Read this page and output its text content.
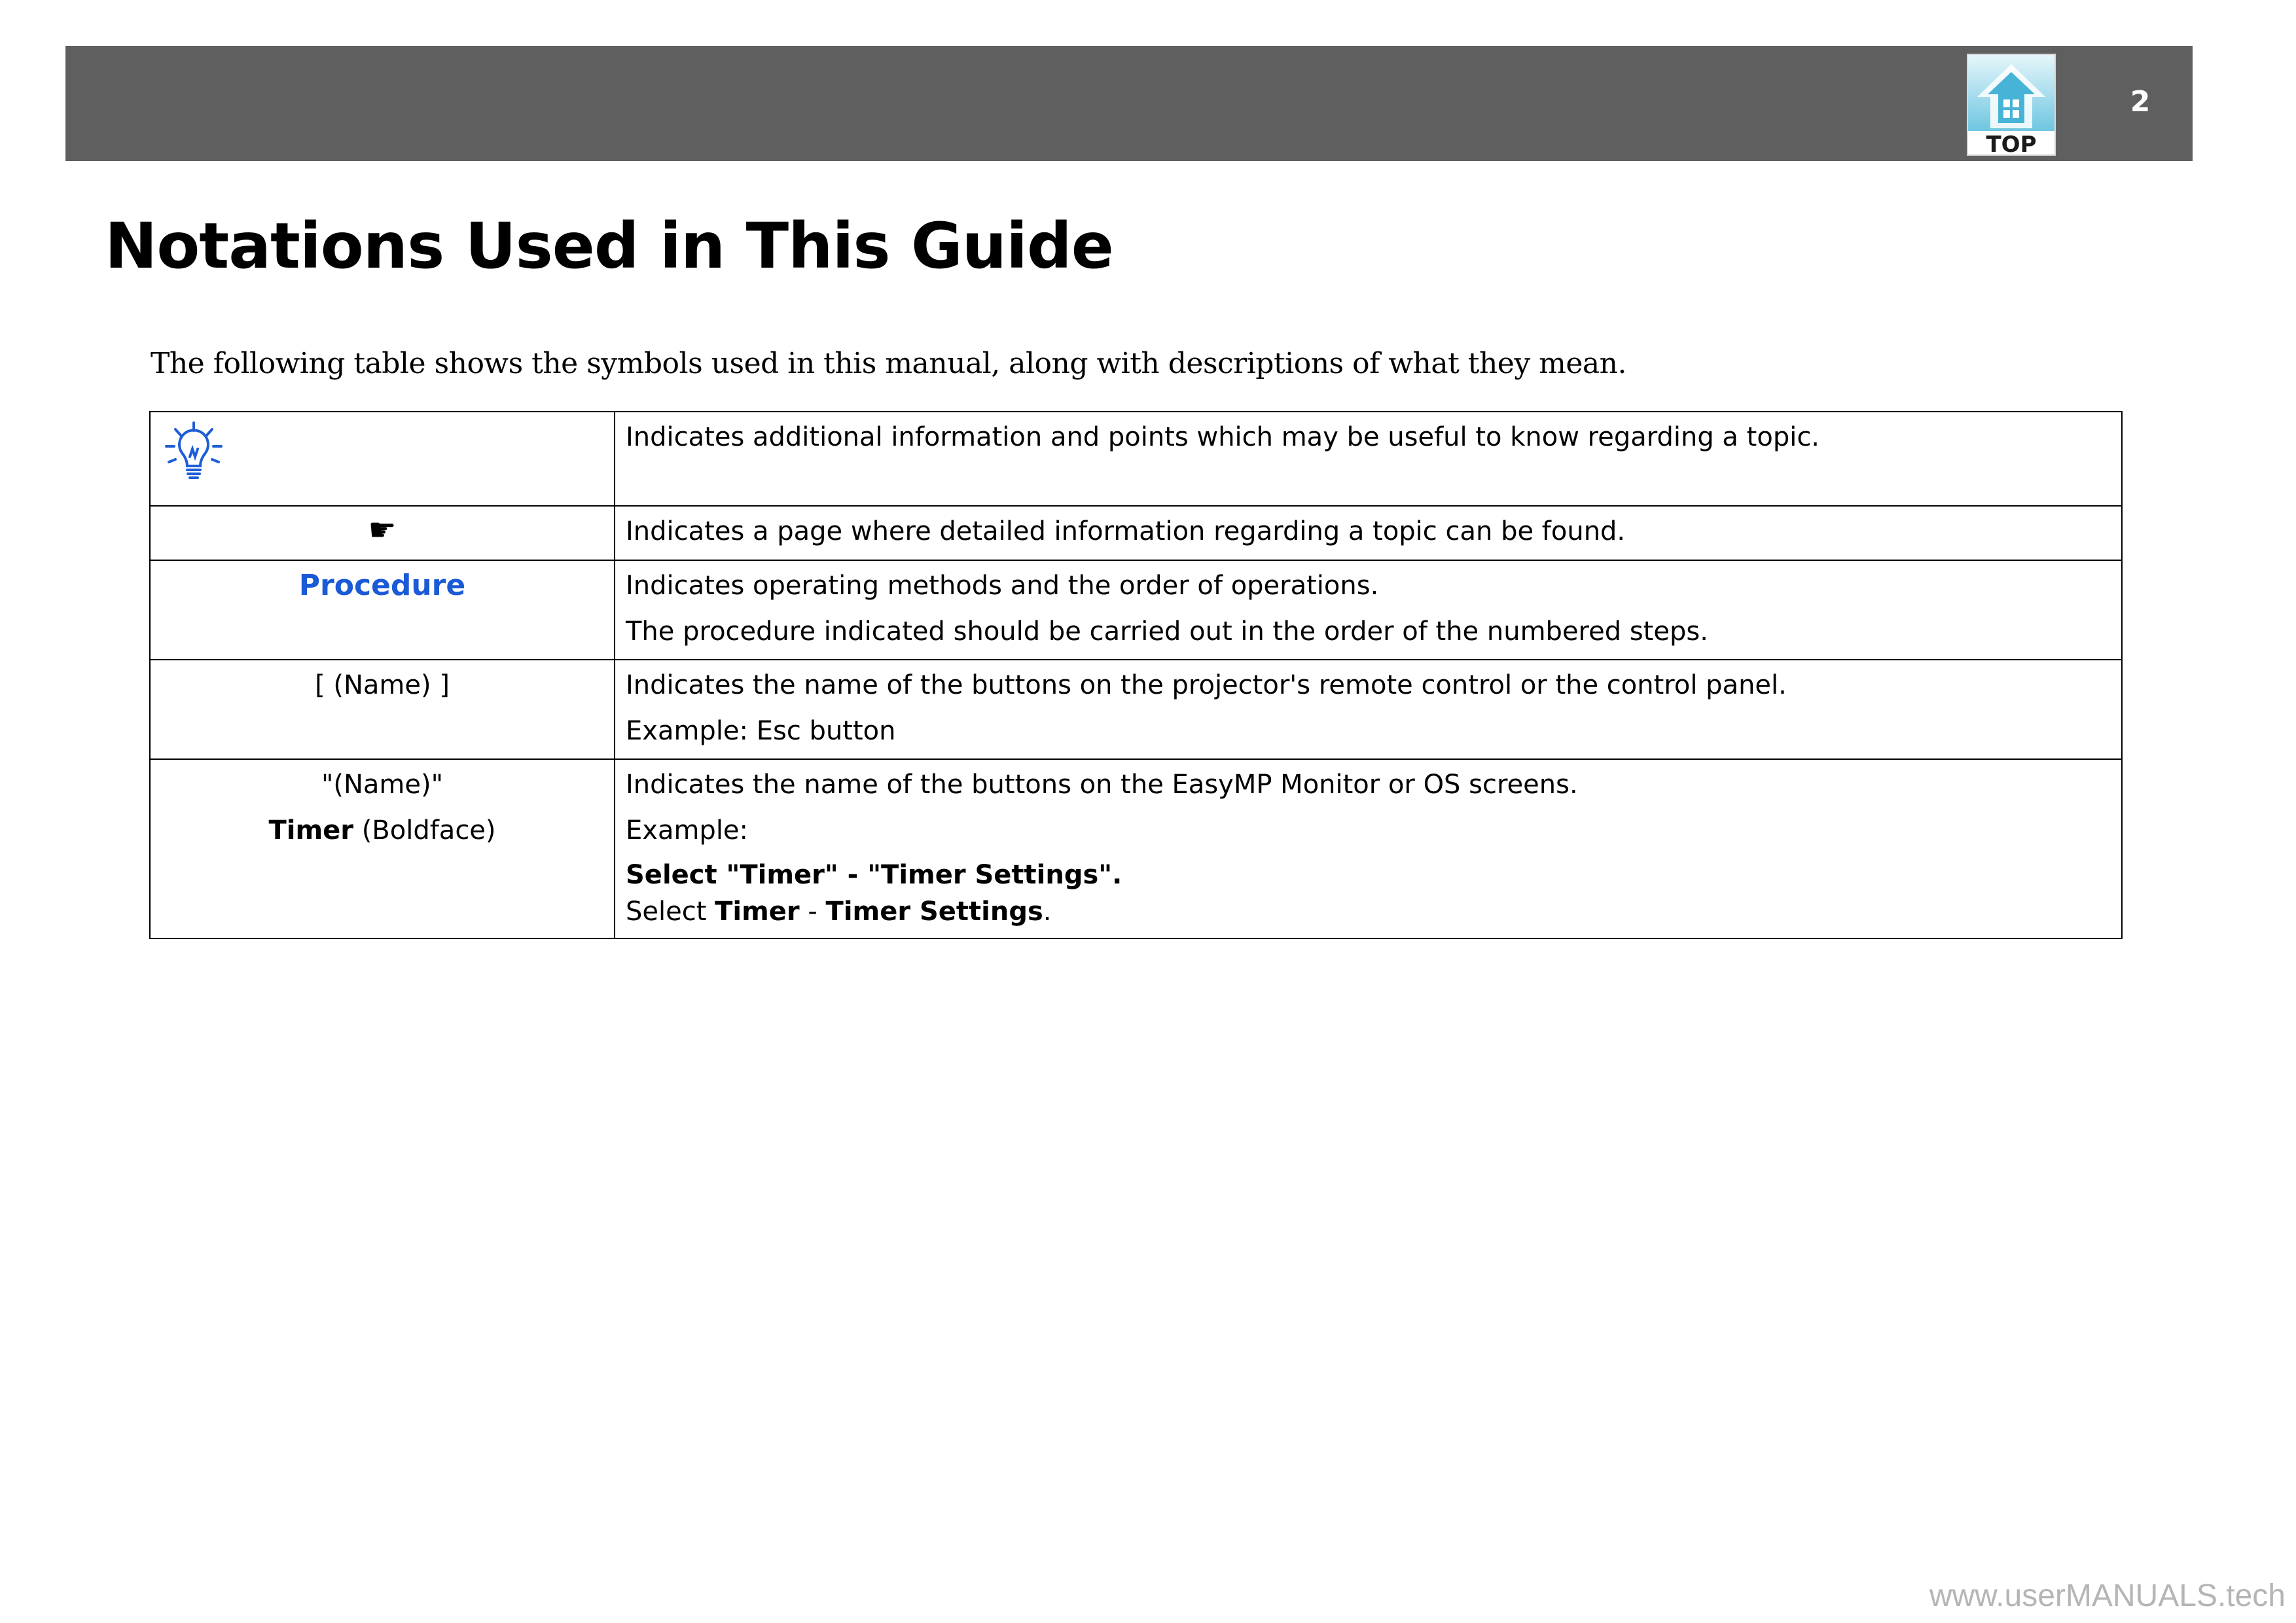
TOP
2
Notations Used in This Guide

The following table shows the symbols used in this manual, along with descriptions of what they mean.

	Indicates additional information and points which may be useful to know regarding a topic.
☛	Indicates a page where detailed information regarding a topic can be found.
Procedure	Indicates operating methods and the order of operations.
The procedure indicated should be carried out in the order of the numbered steps.

[ (Name) ]	Indicates the name of the buttons on the projector's remote control or the control panel.
Example: Esc button

"(Name)"
Timer (Boldface)	Indicates the name of the buttons on the EasyMP Monitor or OS screens.
Example:
Select "Timer" - "Timer Settings".
Select Timer - Timer Settings.
www.userMANUALS.tech
